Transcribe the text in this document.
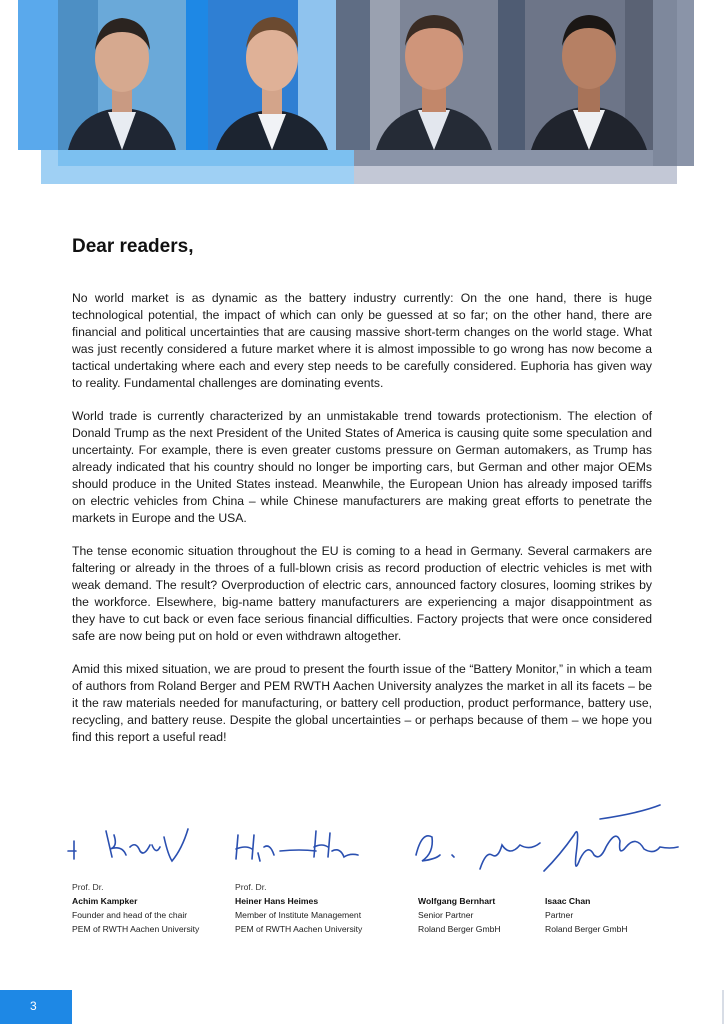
Dear readers,

No world market is as dynamic as the battery industry currently: On the one hand, there is huge technological potential, the impact of which can only be guessed at so far; on the other hand, there are financial and political uncertainties that are causing massive short-term changes on the world stage. What was just recently considered a future market where it is almost impossible to go wrong has now become a tactical undertaking where each and every step needs to be carefully considered. Euphoria has given way to reality. Fundamental challenges are dominating events.

World trade is currently characterized by an unmistakable trend towards protectionism. The election of Donald Trump as the next President of the United States of America is causing quite some speculation and uncertainty. For example, there is even greater customs pressure on German automakers, as Trump has already indicated that his country should no longer be importing cars, but German and other major OEMs should produce in the United States instead. Meanwhile, the European Union has already imposed tariffs on electric vehicles from China – while Chinese manufacturers are making great efforts to penetrate the markets in Europe and the USA.

The tense economic situation throughout the EU is coming to a head in Germany. Several carmakers are faltering or already in the throes of a full-blown crisis as record production of electric vehicles is met with weak demand. The result? Overproduction of electric cars, announced factory closures, looming strikes by the workforce. Elsewhere, big-name battery manufacturers are experiencing a major disappointment as they have to cut back or even face serious financial difficulties. Factory projects that were once considered safe are now being put on hold or even withdrawn altogether.

Amid this mixed situation, we are proud to present the fourth issue of the “Battery Monitor,” in which a team of authors from Roland Berger and PEM RWTH Aachen University analyzes the market in all its facets – be it the raw materials needed for manufacturing, or battery cell production, product performance, battery use, recycling, and battery reuse. Despite the global uncertainties – or perhaps because of them – we hope you find this report a useful read!

Prof. Dr.
Achim Kampker
Founder and head of the chair
PEM of RWTH Aachen University
Prof. Dr.
Heiner Hans Heimes
Member of Institute Management
PEM of RWTH Aachen University
Wolfgang Bernhart
Senior Partner
Roland Berger GmbH
Isaac Chan
Partner
Roland Berger GmbH
3
